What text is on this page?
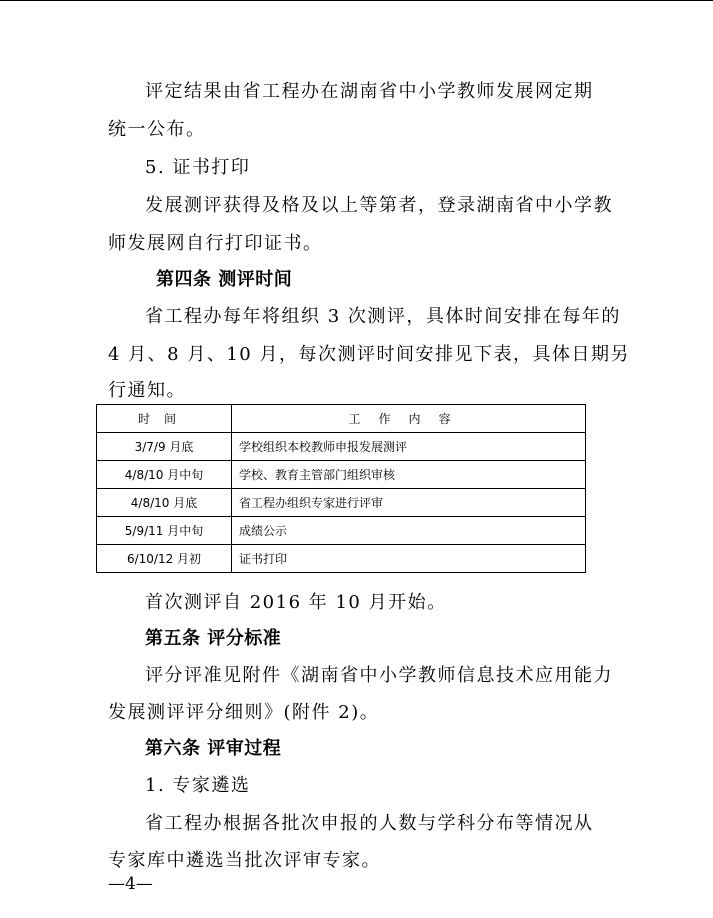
评定结果由省工程办在湖南省中小学教师发展网定期
统一公布。
5. 证书打印
发展测评获得及格及以上等第者，登录湖南省中小学教
师发展网自行打印证书。
第四条 测评时间
省工程办每年将组织 3 次测评，具体时间安排在每年的
4 月、8 月、10 月，每次测评时间安排见下表，具体日期另
行通知。
时间	工作内容
3/7/9 月底	学校组织本校教师申报发展测评
4/8/10 月中旬	学校、教育主管部门组织审核
4/8/10 月底	省工程办组织专家进行评审
5/9/11 月中旬	成绩公示
6/10/12 月初	证书打印
首次测评自 2016 年 10 月开始。
第五条 评分标准
评分评准见附件《湖南省中小学教师信息技术应用能力
发展测评评分细则》(附件 2)。
第六条 评审过程
1. 专家遴选
省工程办根据各批次申报的人数与学科分布等情况从
专家库中遴选当批次评审专家。
—4—
